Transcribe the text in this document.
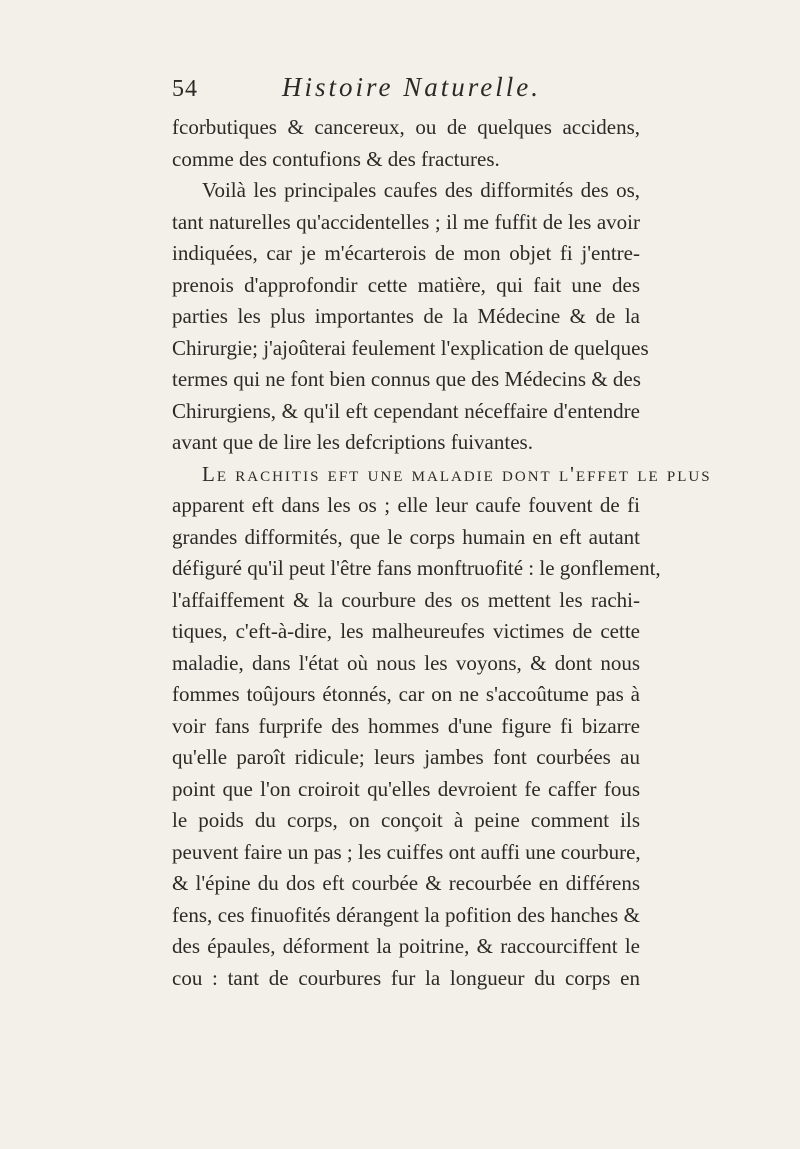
54	Histoire Naturelle.
fcorbutiques & cancereux, ou de quelques accidens,
comme des contufions & des fractures.
Voilà les principales caufes des difformités des os,
tant naturelles qu'accidentelles ; il me fuffit de les avoir
indiquées, car je m'écarterois de mon objet fi j'entre-
prenois d'approfondir cette matière, qui fait une des
parties les plus importantes de la Médecine & de la
Chirurgie; j'ajoûterai feulement l'explication de quelques
termes qui ne font bien connus que des Médecins & des
Chirurgiens, & qu'il eft cependant néceffaire d'entendre
avant que de lire les defcriptions fuivantes.
Le rachitis eft une maladie dont l'effet le plus
apparent eft dans les os ; elle leur caufe fouvent de fi
grandes difformités, que le corps humain en eft autant
défiguré qu'il peut l'être fans monftruofité : le gonflement,
l'affaiffement & la courbure des os mettent les rachi-
tiques, c'eft-à-dire, les malheureufes victimes de cette
maladie, dans l'état où nous les voyons, & dont nous
fommes toûjours étonnés, car on ne s'accoûtume pas à
voir fans furprife des hommes d'une figure fi bizarre
qu'elle paroît ridicule; leurs jambes font courbées au
point que l'on croiroit qu'elles devroient fe caffer fous
le poids du corps, on conçoit à peine comment ils
peuvent faire un pas ; les cuiffes ont auffi une courbure,
& l'épine du dos eft courbée & recourbée en différens
fens, ces finuofités dérangent la pofition des hanches &
des épaules, déforment la poitrine, & raccourciffent le
cou : tant de courbures fur la longueur du corps en
